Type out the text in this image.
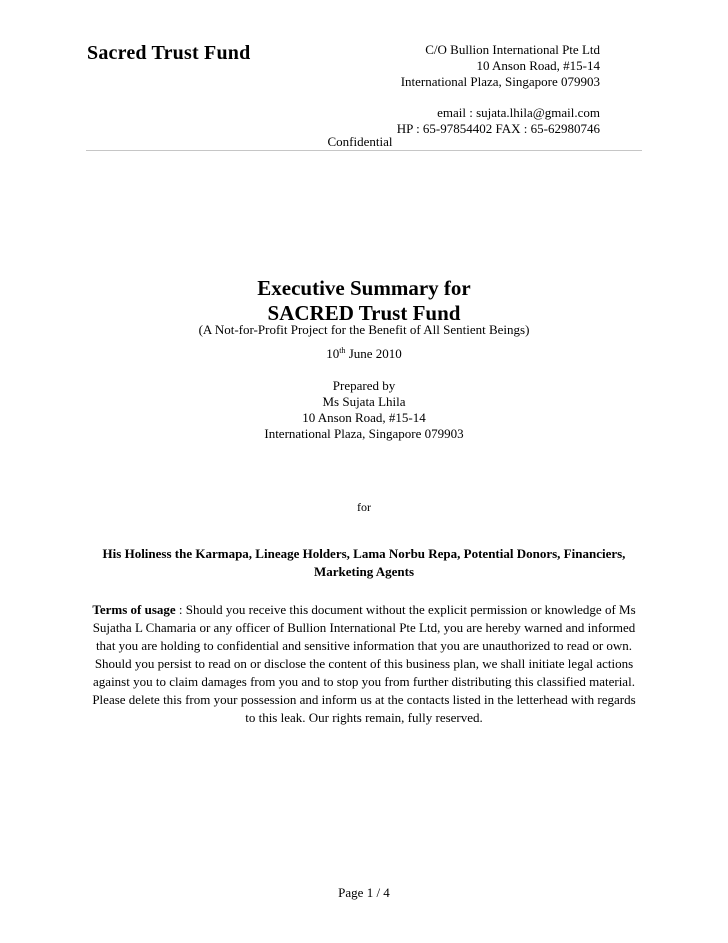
Sacred Trust Fund	C/O Bullion International Pte Ltd
10 Anson Road, #15-14
International Plaza, Singapore 079903
email : sujata.lhila@gmail.com
HP : 65-97854402 FAX : 65-62980746
Confidential
Executive Summary for
SACRED Trust Fund
(A Not-for-Profit Project for the Benefit of All Sentient Beings)
10th June 2010
Prepared by
Ms Sujata Lhila
10 Anson Road, #15-14
International Plaza, Singapore 079903
for
His Holiness the Karmapa, Lineage Holders, Lama Norbu Repa, Potential Donors, Financiers,
Marketing Agents
Terms of usage : Should you receive this document without the explicit permission or knowledge of Ms
Sujatha L Chamaria or any officer of Bullion International Pte Ltd, you are hereby warned and informed
that you are holding to confidential and sensitive information that you are unauthorized to read or own.
Should you persist to read on or disclose the content of this business plan, we shall initiate legal actions
against you to claim damages from you and to stop you from further distributing this classified material.
Please delete this from your possession and inform us at the contacts listed in the letterhead with regards
to this leak. Our rights remain, fully reserved.
Page 1 / 4
